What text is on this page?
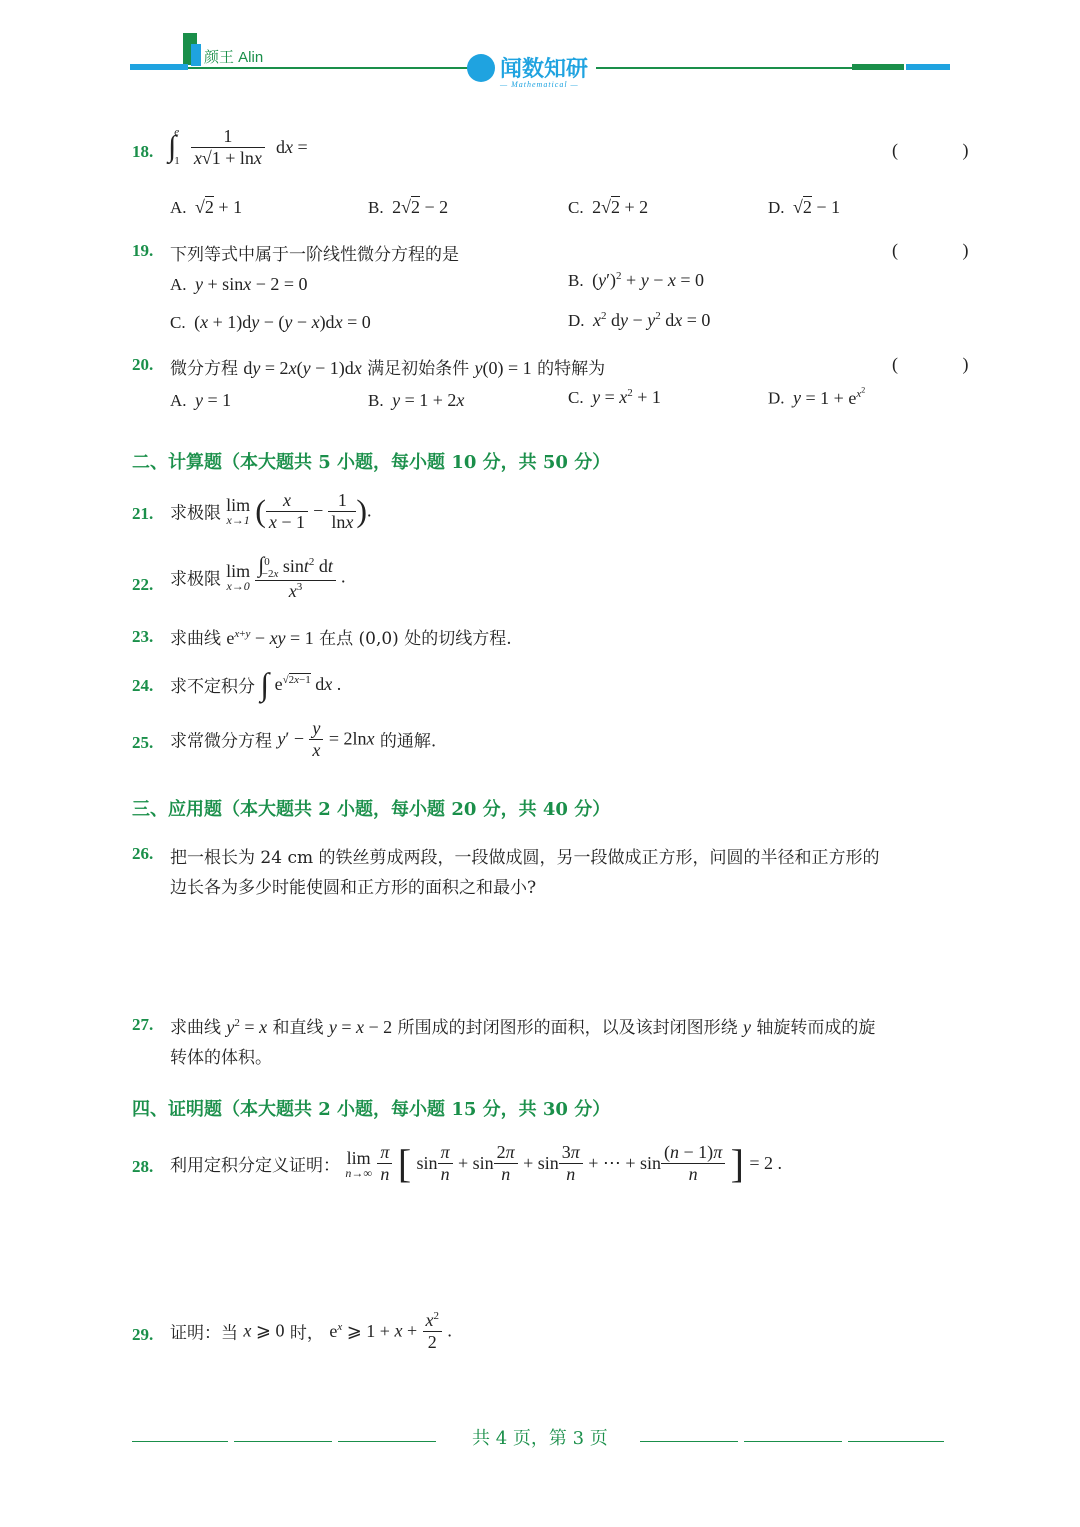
颜王 Alin	闻数知研
— Mathematical —
18. ∫
e
1
$\frac{1}{x√1 + \ln x}$ dx =	( )
A. √2 + 1	B. 2√2 − 2	C. 2√2 + 2	D. √2 − 1
19. 下列等式中属于一阶线性微分方程的是	( )
A. y + sinx − 2 = 0	B. $(y')^2 + y - x = 0$
C. (x + 1)dy − (y − x)dx = 0	D. $x^2$ dy − $y^2$ dx = 0
20. 微分方程 dy = 2x(y − 1)dx 满足初始条件 y(0) = 1 的特解为	( )
A. y = 1	B. y = 1 + 2x	C. $y = x^2 + 1$	D. $y = 1 + e^{x^2}$
二、计算题（本大题共 5 小题，每小题 10 分，共 50 分）
21. 求极限 lim
x→1 ( $\frac{x}{x - 1} - \frac{1}{\ln x}$ ).
22. 求极限 lim
x→0
$\frac{\int^0_{-2x} \sin t^2 dt}{x^3}$ .
23. 求曲线 $e^{x+y}$ − xy = 1 在点 (0,0) 处的切线方程.
24. 求不定积分 ∫ $e^{√2x-1}$ dx .
25. 求常微分方程 $y' - \frac{y}{x} = 2\ln x$ 的通解.
三、应用题（本大题共 2 小题，每小题 20 分，共 40 分）
26. 把一根长为 24 cm 的铁丝剪成两段，一段做成圆，另一段做成正方形，问圆的半径和正方形的
边长各为多少时能使圆和正方形的面积之和最小?
27. 求曲线 $y^2 = x$ 和直线 y = x − 2 所围成的封闭图形的面积，以及该封闭图形绕 y 轴旋转而成的旋
转体的体积。
四、证明题（本大题共 2 小题，每小题 15 分，共 30 分）
28. 利用定积分定义证明： lim
n→∞
$\frac{\pi}{n}$ [ $\sin \frac{\pi}{n} + \sin \frac{2\pi}{n} + \sin \frac{3\pi}{n}$ + ⋯ + $\sin \frac{(n - 1)\pi}{n}$ ] = 2 .
29. 证明：当 x ⩾ 0 时， $e^x$ ⩾ $1 + x + \frac{x^2}{2}$ .
共 4 页，第 3 页
